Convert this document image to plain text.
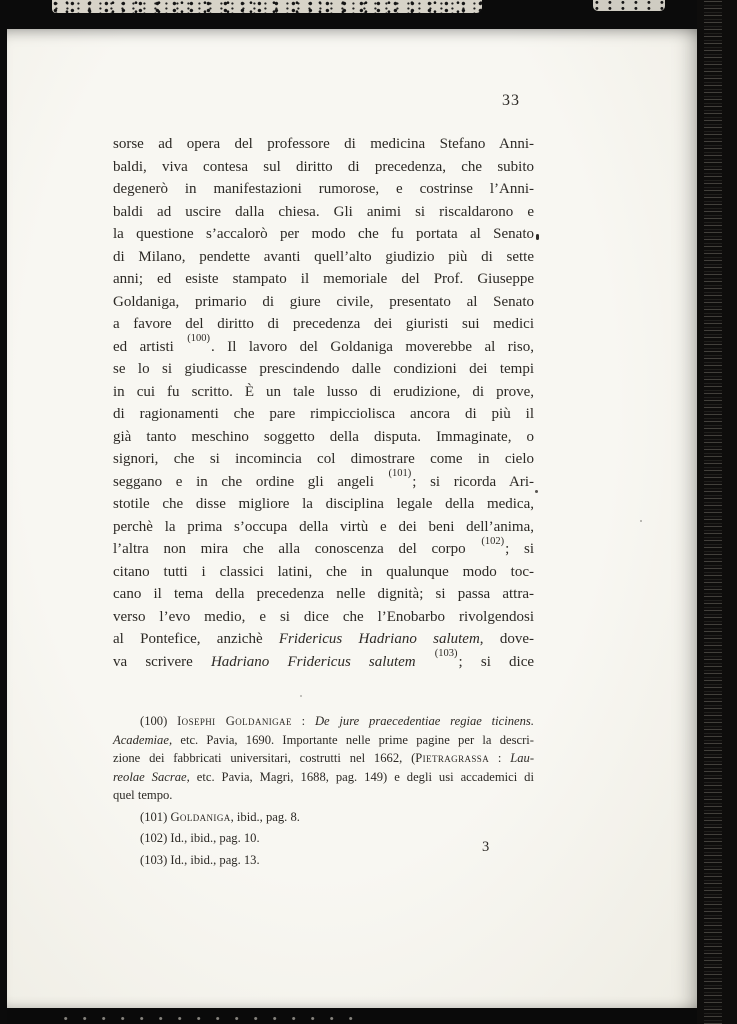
33
sorse ad opera del professore di medicina Stefano Anni-
baldi, viva contesa sul diritto di precedenza, che subito
degenerò in manifestazioni rumorose, e costrinse l’Anni-
baldi ad uscire dalla chiesa. Gli animi si riscaldarono e
la questione s’accalorò per modo che fu portata al Senato
di Milano, pendette avanti quell’alto giudizio più di sette
anni; ed esiste stampato il memoriale del Prof. Giuseppe
Goldaniga, primario di giure civile, presentato al Senato
a favore del diritto di precedenza dei giuristi sui medici
ed artisti $^{(100)}$. Il lavoro del Goldaniga moverebbe al riso,
se lo si giudicasse prescindendo dalle condizioni dei tempi
in cui fu scritto. È un tale lusso di erudizione, di prove,
di ragionamenti che pare rimpicciolisca ancora di più il
già tanto meschino soggetto della disputa. Immaginate, o
signori, che si incomincia col dimostrare come in cielo
seggano e in che ordine gli angeli $^{(101)}$; si ricorda Ari-
stotile che disse migliore la disciplina legale della medica,
perchè la prima s’occupa della virtù e dei beni dell’anima,
l’altra non mira che alla conoscenza del corpo $^{(102)}$; si
citano tutti i classici latini, che in qualunque modo toc-
cano il tema della precedenza nelle dignità; si passa attra-
verso l’evo medio, e si dice che l’Enobarbo rivolgendosi
al Pontefice, anzichè Fridericus Hadriano salutem, dove-
va scrivere Hadriano Fridericus salutem $^{(103)}$; si dice
(100) Iosephi Goldanigae : De jure praecedentiae regiae ticinens.
Academiae, etc. Pavia, 1690. Importante nelle prime pagine per la descri-
zione dei fabbricati universitari, costrutti nel 1662, (Pietragrassa : Lau-
reolae Sacrae, etc. Pavia, Magri, 1688, pag. 149) e degli usi accademici di
quel tempo.
(101) Goldaniga, ibid., pag. 8.
(102) Id., ibid., pag. 10.
(103) Id., ibid., pag. 13.
3
